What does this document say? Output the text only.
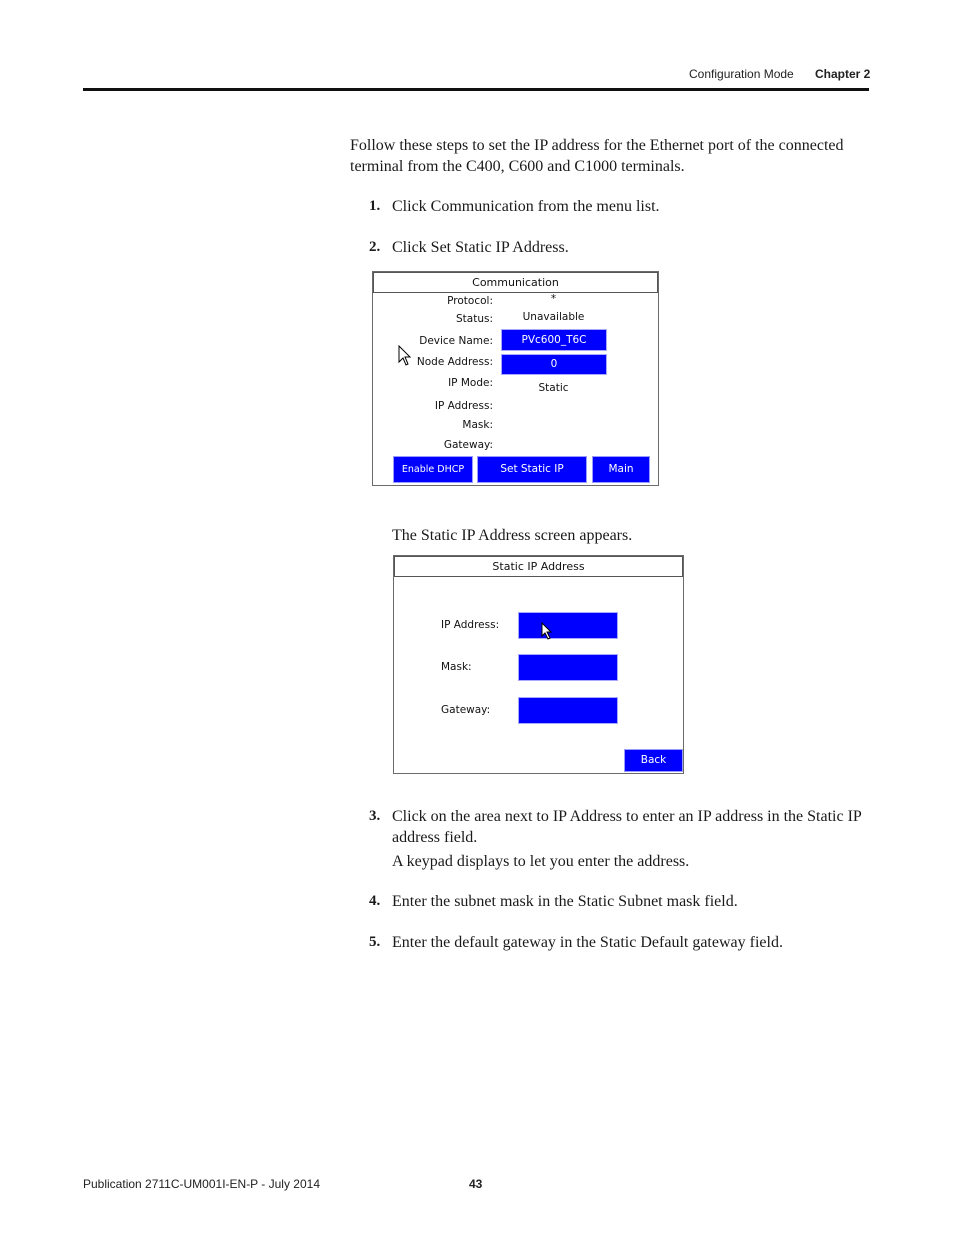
Configuration Mode Chapter 2
Follow these steps to set the IP address for the Ethernet port of the connected terminal from the C400, C600 and C1000 terminals.
1. Click Communication from the menu list.
2. Click Set Static IP Address.
Communication
Protocol:	*
Status:	Unavailable
Device Name:	PVc600_T6C
Node Address:	0
IP Mode:	Static
IP Address:
Mask:
Gateway:
Enable DHCP	Set Static IP Address
Main
The Static IP Address screen appears.
Static IP Address
IP Address:
Mask:
Gateway:
Back
3. Click on the area next to IP Address to enter an IP address in the Static IP address field.
A keypad displays to let you enter the address.
4. Enter the subnet mask in the Static Subnet mask field.
5. Enter the default gateway in the Static Default gateway field.
Publication 2711C-UM001I-EN-P - July 2014	43
